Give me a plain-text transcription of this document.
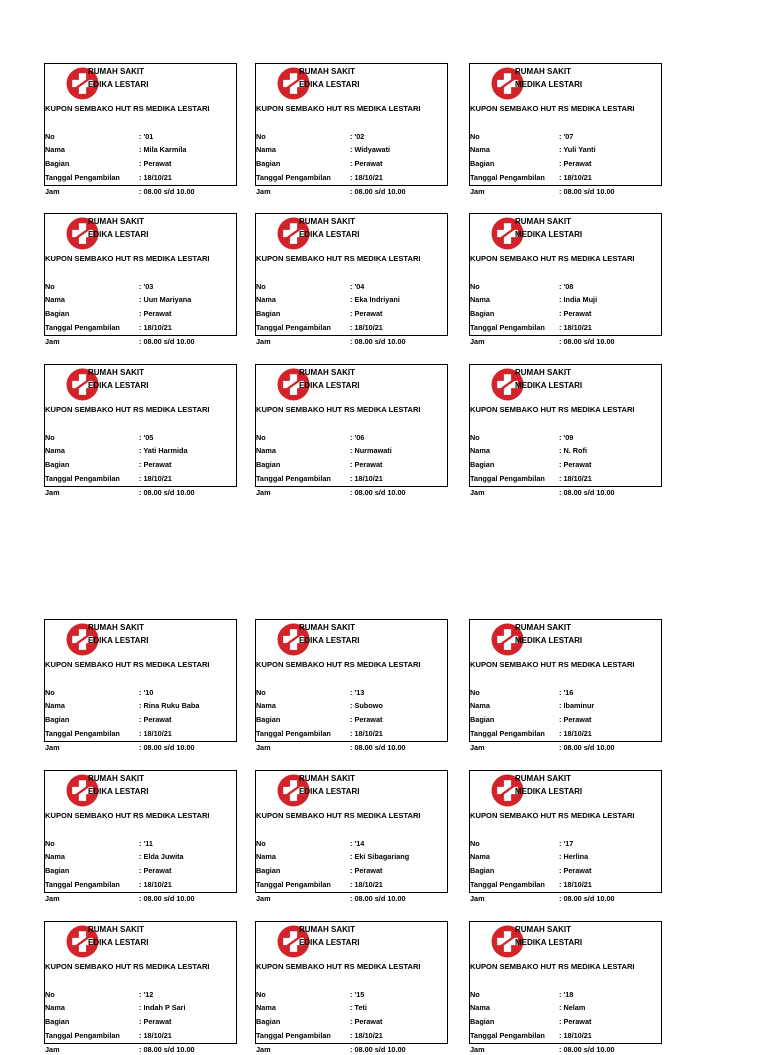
RUMAH SAKIT
EDIKA LESTARI
KUPON SEMBAKO HUT RS MEDIKA LESTARI
No	: '01
Nama	: Mila Karmila
Bagian	: Perawat
Tanggal Pengambilan	: 18/10/21
Jam	: 08.00 s/d 10.00
RUMAH SAKIT
EDIKA LESTARI
KUPON SEMBAKO HUT RS MEDIKA LESTARI
No	: '02
Nama	: Widyawati
Bagian	: Perawat
Tanggal Pengambilan	: 18/10/21
Jam	: 08.00 s/d 10.00
RUMAH SAKIT
MEDIKA LESTARI
KUPON SEMBAKO HUT RS MEDIKA LESTARI
No	: '07
Nama	: Yuli Yanti
Bagian	: Perawat
Tanggal Pengambilan : 18/10/21
Jam	: 08.00 s/d 10.00
RUMAH SAKIT
EDIKA LESTARI
KUPON SEMBAKO HUT RS MEDIKA LESTARI
No	: '03
Nama	: Uun Mariyana
Bagian	: Perawat
Tanggal Pengambilan	: 18/10/21
Jam	: 08.00 s/d 10.00
RUMAH SAKIT
EDIKA LESTARI
KUPON SEMBAKO HUT RS MEDIKA LESTARI
No	: '04
Nama	: Eka Indriyani
Bagian	: Perawat
Tanggal Pengambilan	: 18/10/21
Jam	: 08.00 s/d 10.00
RUMAH SAKIT
MEDIKA LESTARI
KUPON SEMBAKO HUT RS MEDIKA LESTARI
No	: '08
Nama	: India Muji
Bagian	: Perawat
Tanggal Pengambilan : 18/10/21
Jam	: 08.00 s/d 10.00
RUMAH SAKIT
EDIKA LESTARI
KUPON SEMBAKO HUT RS MEDIKA LESTARI
No	: '05
Nama	: Yati Harmida
Bagian	: Perawat
Tanggal Pengambilan	: 18/10/21
Jam	: 08.00 s/d 10.00
RUMAH SAKIT
EDIKA LESTARI
KUPON SEMBAKO HUT RS MEDIKA LESTARI
No	: '06
Nama	: Nurmawati
Bagian	: Perawat
Tanggal Pengambilan	: 18/10/21
Jam	: 08.00 s/d 10.00
RUMAH SAKIT
MEDIKA LESTARI
KUPON SEMBAKO HUT RS MEDIKA LESTARI
No	: '09
Nama	: N. Rofi
Bagian	: Perawat
Tanggal Pengambilan : 18/10/21
Jam	: 08.00 s/d 10.00
RUMAH SAKIT
EDIKA LESTARI
KUPON SEMBAKO HUT RS MEDIKA LESTARI
No	: '10
Nama	: Rina Ruku Baba
Bagian	: Perawat
Tanggal Pengambilan	: 18/10/21
Jam	: 08.00 s/d 10.00
RUMAH SAKIT
EDIKA LESTARI
KUPON SEMBAKO HUT RS MEDIKA LESTARI
No	: '13
Nama	: Subowo
Bagian	: Perawat
Tanggal Pengambilan	: 18/10/21
Jam	: 08.00 s/d 10.00
RUMAH SAKIT
MEDIKA LESTARI
KUPON SEMBAKO HUT RS MEDIKA LESTARI
No	: '16
Nama	: Ibaminur
Bagian	: Perawat
Tanggal Pengambilan : 18/10/21
Jam	: 08.00 s/d 10.00
RUMAH SAKIT
EDIKA LESTARI
KUPON SEMBAKO HUT RS MEDIKA LESTARI
No	: '11
Nama	: Elda Juwita
Bagian	: Perawat
Tanggal Pengambilan	: 18/10/21
Jam	: 08.00 s/d 10.00
RUMAH SAKIT
EDIKA LESTARI
KUPON SEMBAKO HUT RS MEDIKA LESTARI
No	: '14
Nama	: Eki Sibagariang
Bagian	: Perawat
Tanggal Pengambilan	: 18/10/21
Jam	: 08.00 s/d 10.00
RUMAH SAKIT
MEDIKA LESTARI
KUPON SEMBAKO HUT RS MEDIKA LESTARI
No	: '17
Nama	: Herlina
Bagian	: Perawat
Tanggal Pengambilan : 18/10/21
Jam	: 08.00 s/d 10.00
RUMAH SAKIT
EDIKA LESTARI
KUPON SEMBAKO HUT RS MEDIKA LESTARI
No	: '12
Nama	: Indah P Sari
Bagian	: Perawat
Tanggal Pengambilan	: 18/10/21
Jam	: 08.00 s/d 10.00
RUMAH SAKIT
EDIKA LESTARI
KUPON SEMBAKO HUT RS MEDIKA LESTARI
No	: '15
Nama	: Teti
Bagian	: Perawat
Tanggal Pengambilan	: 18/10/21
Jam	: 08.00 s/d 10.00
RUMAH SAKIT
MEDIKA LESTARI
KUPON SEMBAKO HUT RS MEDIKA LESTARI
No	: '18
Nama	: Nelam
Bagian	: Perawat
Tanggal Pengambilan : 18/10/21
Jam	: 08.00 s/d 10.00
